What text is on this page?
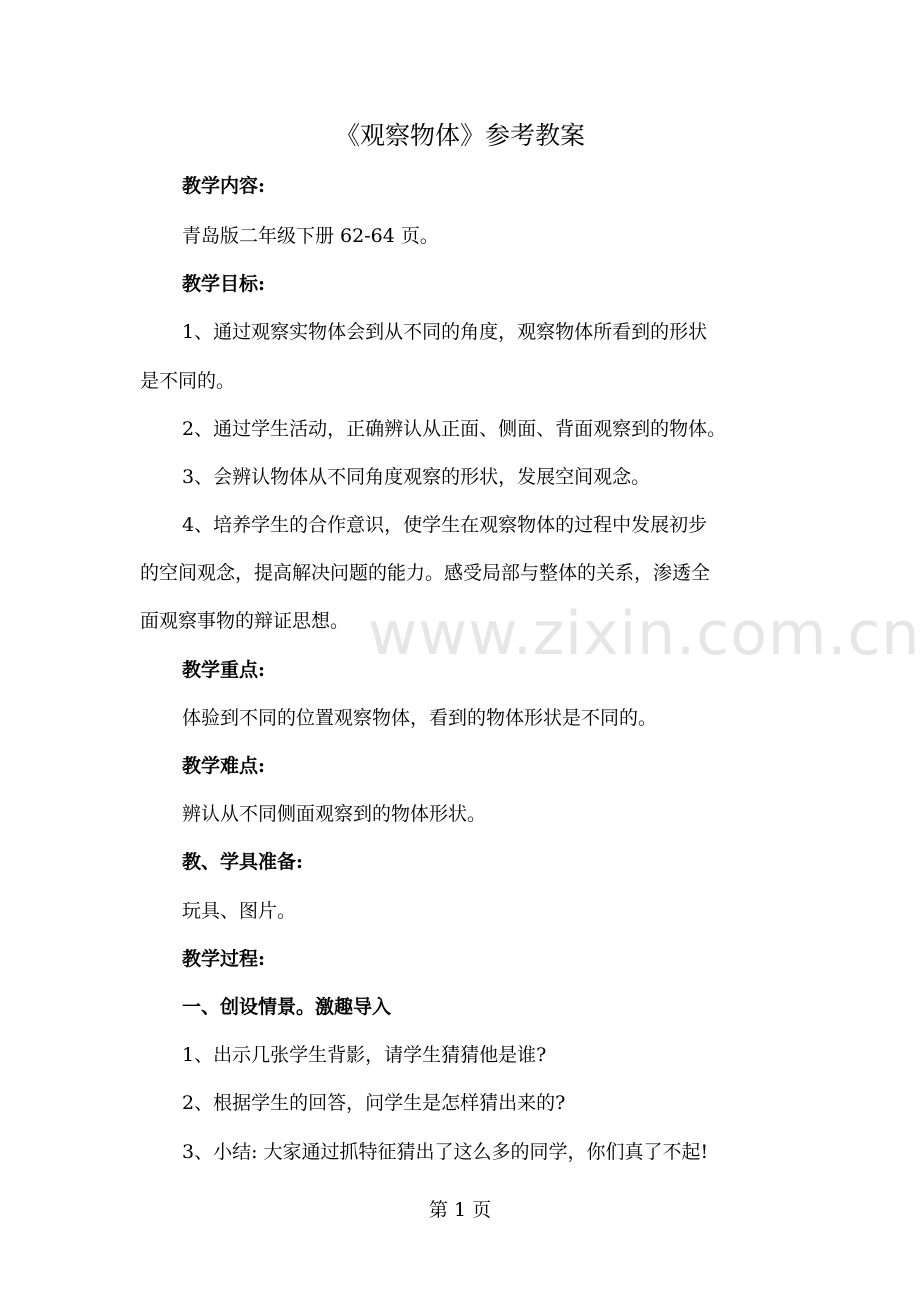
《观察物体》参考教案
教学内容:
青岛版二年级下册 62-64 页。
教学目标:
1、通过观察实物体会到从不同的角度，观察物体所看到的形状
是不同的。
2、通过学生活动，正确辨认从正面、侧面、背面观察到的物体。
3、会辨认物体从不同角度观察的形状，发展空间观念。
4、培养学生的合作意识，使学生在观察物体的过程中发展初步
的空间观念，提高解决问题的能力。感受局部与整体的关系，渗透全
面观察事物的辩证思想。
教学重点:
体验到不同的位置观察物体，看到的物体形状是不同的。
教学难点:
辨认从不同侧面观察到的物体形状。
教、学具准备:
玩具、图片。
教学过程:
一、创设情景。激趣导入
1、出示几张学生背影，请学生猜猜他是谁?
2、根据学生的回答，问学生是怎样猜出来的?
3、小结: 大家通过抓特征猜出了这么多的同学，你们真了不起!
www.zixin.com.cn
第 1 页
